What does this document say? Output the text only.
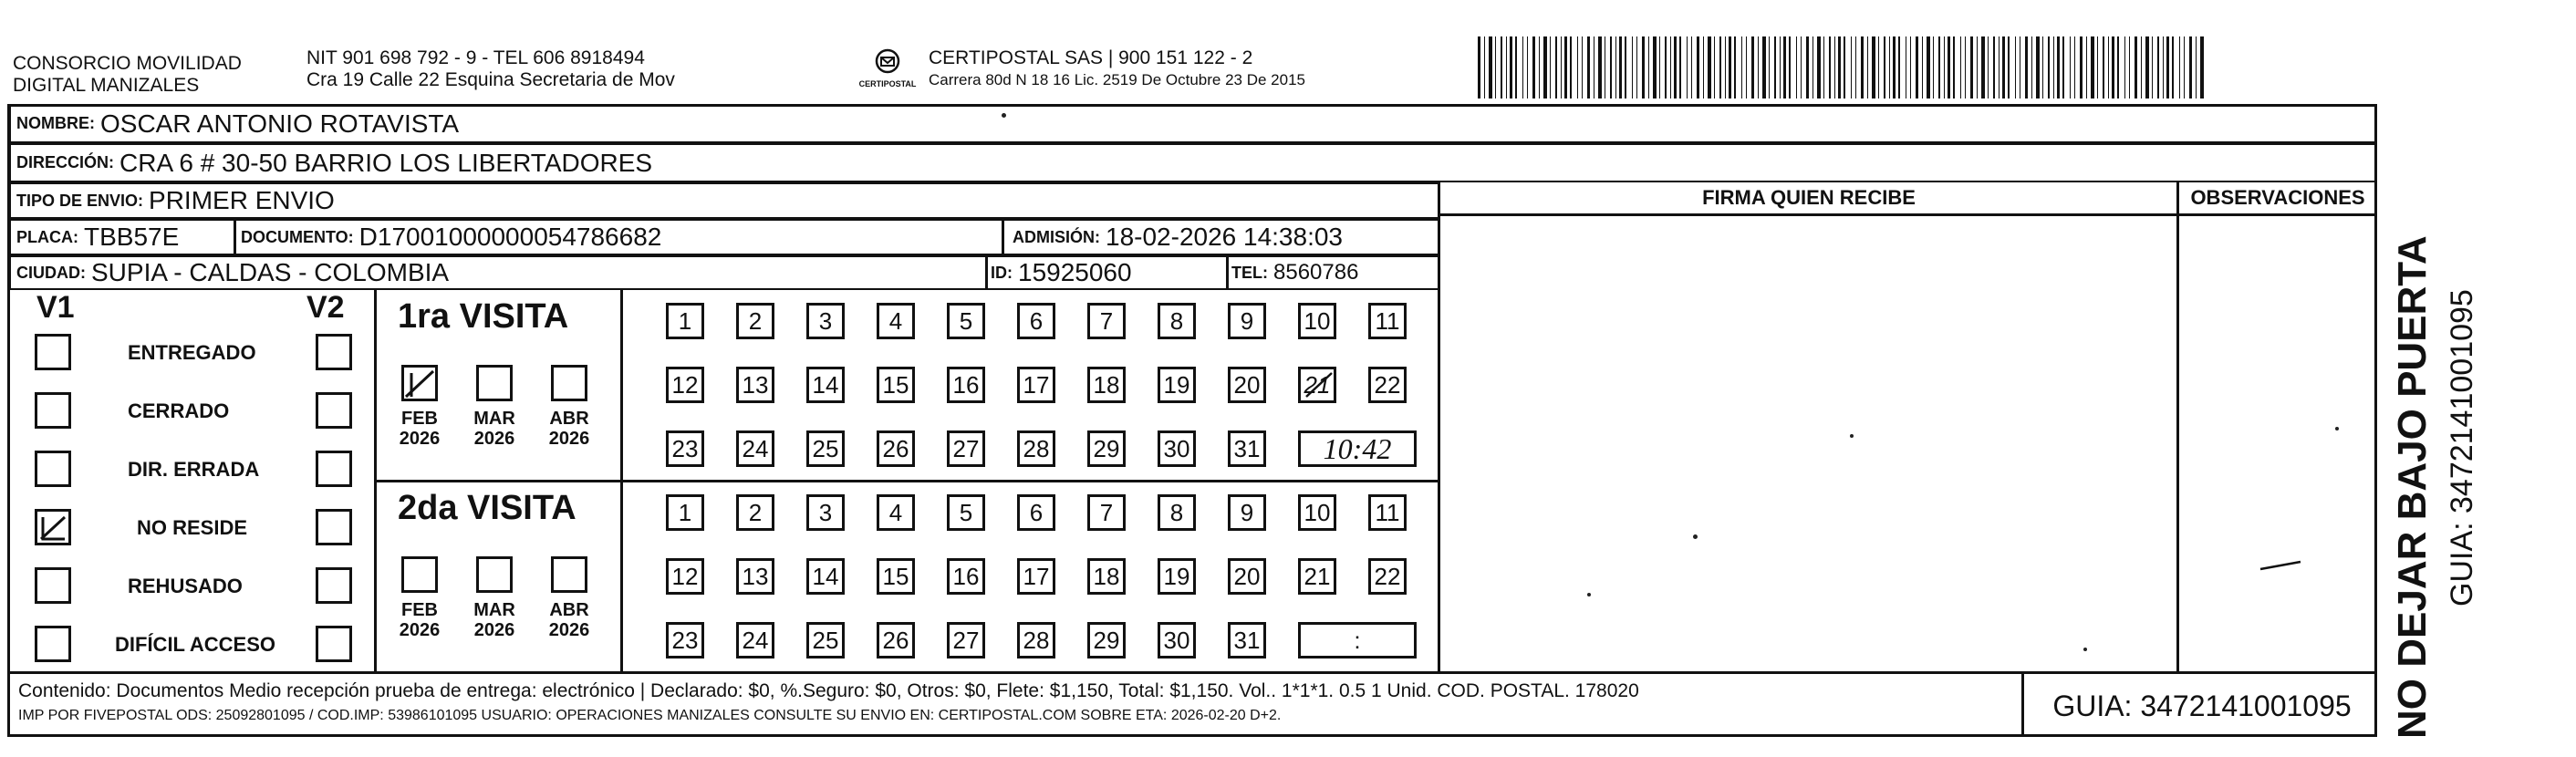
CONSORCIO MOVILIDAD
DIGITAL MANIZALES
NIT 901 698 792 - 9 - TEL 606 8918494
Cra 19 Calle 22 Esquina Secretaria de Mov	CERTIPOSTAL
CERTIPOSTAL SAS | 900 151 122 - 2
Carrera 80d N 18 16 Lic. 2519 De Octubre 23 De 2015
NOMBRE: OSCAR ANTONIO ROTAVISTA
DIRECCIÓN: CRA 6 # 30-50 BARRIO LOS LIBERTADORES
TIPO DE ENVIO: PRIMER ENVIO
PLACA: TBB57E	DOCUMENTO: D17001000000054786682	ADMISIÓN: 18-02-2026 14:38:03
CIUDAD: SUPIA - CALDAS - COLOMBIA	ID: 15925060	TEL: 8560786
FIRMA QUIEN RECIBE	OBSERVACIONES
V1	V2
ENTREGADO
CERRADO
DIR. ERRADA
NO RESIDE
REHUSADO
DIFÍCIL ACCESO
1ra VISITA
2da VISITA
FEB
2026
MAR
2026
ABR
2026
FEB
2026
MAR
2026
ABR
2026
1	2	3	4	5	6	7	8	9	10 11
12 13 14 15 16 17 18 19 20 21 22
23 24 25 26 27 28 29 30 31	10:42
1	2	3	4	5	6	7	8	9	10 11
12 13 14 15 16 17 18 19 20 21 22
23 24 25 26 27 28 29 30 31	:
Contenido: Documentos Medio recepción prueba de entrega: electrónico | Declarado: $0, %.Seguro: $0, Otros: $0, Flete: $1,150, Total: $1,150. Vol.. 1*1*1. 0.5 1 Unid. COD. POSTAL. 178020
IMP POR FIVEPOSTAL ODS: 25092801095 / COD.IMP: 53986101095 USUARIO: OPERACIONES MANIZALES CONSULTE SU ENVIO EN: CERTIPOSTAL.COM SOBRE ETA: 2026-02-20 D+2.	GUIA: 3472141001095 NO DEJAR BAJO PUERTA GUIA: 3472141001095
